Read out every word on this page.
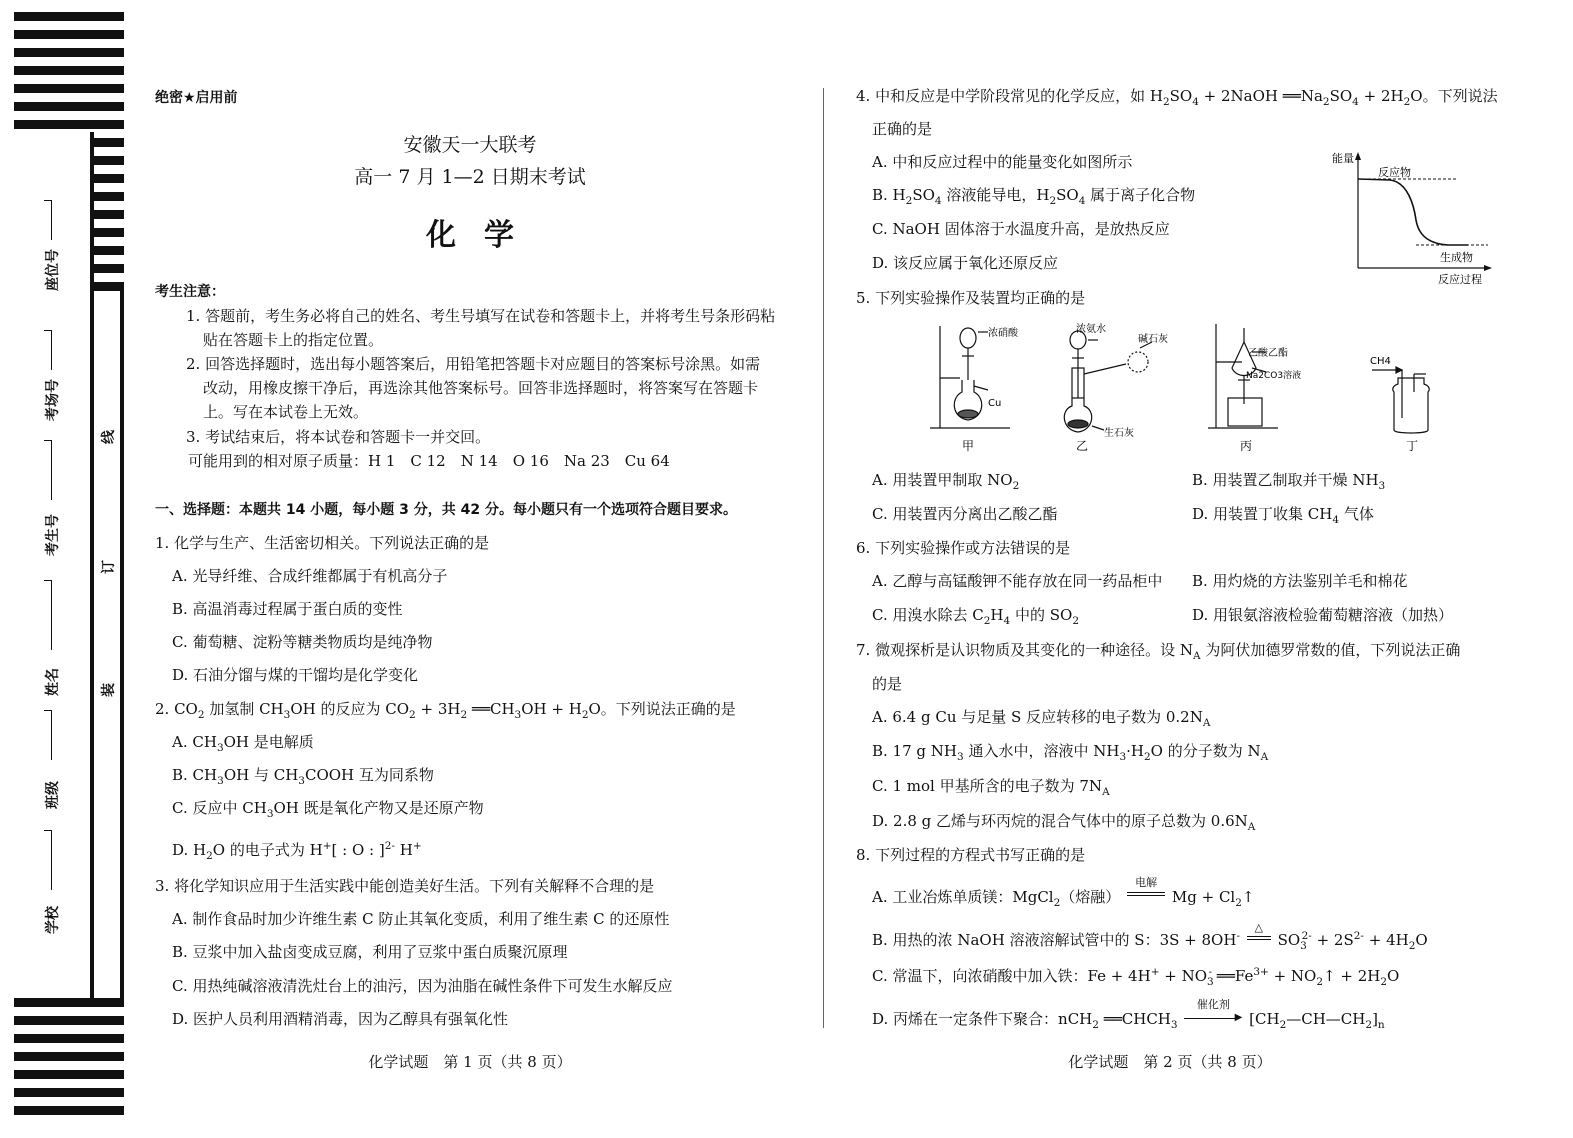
座位号
考场号
考生号
姓名
班级
学校
线
订
装
绝密★启用前
安徽天一大联考
高一 7 月 1—2 日期末考试
化学
考生注意：
1. 答题前，考生务必将自己的姓名、考生号填写在试卷和答题卡上，并将考生号条形码粘
贴在答题卡上的指定位置。
2. 回答选择题时，选出每小题答案后，用铅笔把答题卡对应题目的答案标号涂黑。如需
改动，用橡皮擦干净后，再选涂其他答案标号。回答非选择题时，将答案写在答题卡
上。写在本试卷上无效。
3. 考试结束后，将本试卷和答题卡一并交回。
可能用到的相对原子质量：H 1　C 12　N 14　O 16　Na 23　Cu 64
一、选择题：本题共 14 小题，每小题 3 分，共 42 分。每小题只有一个选项符合题目要求。
1. 化学与生产、生活密切相关。下列说法正确的是
A. 光导纤维、合成纤维都属于有机高分子
B. 高温消毒过程属于蛋白质的变性
C. 葡萄糖、淀粉等糖类物质均是纯净物
D. 石油分馏与煤的干馏均是化学变化
2. $CO_2$ 加氢制 $CH_3OH$ 的反应为 $CO_2 + 3H_2$ $══CH_3OH + H_2O$。下列说法正确的是
A. $CH_3OH$ 是电解质
B. $CH_3OH$ 与 $CH_3COOH$ 互为同系物
C. 反应中 $CH_3OH$ 既是氧化产物又是还原产物
D. $H_2O$ 的电子式为 H+[ : O : ]$^{2-}$ H+
3. 将化学知识应用于生活实践中能创造美好生活。下列有关解释不合理的是
A. 制作食品时加少许维生素 C 防止其氧化变质，利用了维生素 C 的还原性
B. 豆浆中加入盐卤变成豆腐，利用了豆浆中蛋白质聚沉原理
C. 用热纯碱溶液清洗灶台上的油污，因为油脂在碱性条件下可发生水解反应
D. 医护人员利用酒精消毒，因为乙醇具有强氧化性
化学试题　第 1 页（共 8 页）
4. 中和反应是中学阶段常见的化学反应，如 $H_2SO_4$ + 2NaOH $══Na_2SO_4 + 2H_2O$。下列说法
正确的是
A. 中和反应过程中的能量变化如图所示
B. $H_2SO_4$ 溶液能导电，$H_2SO_4$ 属于离子化合物
C. NaOH 固体溶于水温度升高，是放热反应
D. 该反应属于氧化还原反应
能量
反应物
生成物
反应过程
5. 下列实验操作及装置均正确的是
浓硝酸
Cu
甲
浓氨水
碱石灰
生石灰
乙
乙酸乙酯
Na2CO3溶液
丙
CH4
丁
A. 用装置甲制取 $NO_2$	B. 用装置乙制取并干燥 $NH_3$
C. 用装置丙分离出乙酸乙酯	D. 用装置丁收集 $CH_4$ 气体
6. 下列实验操作或方法错误的是
A. 乙醇与高锰酸钾不能存放在同一药品柜中 B. 用灼烧的方法鉴别羊毛和棉花
C. 用溴水除去 $C_2H_4$ 中的 $SO_2$	D. 用银氨溶液检验葡萄糖溶液（加热）
7. 微观探析是认识物质及其变化的一种途径。设 $N_A$ 为阿伏加德罗常数的值，下列说法正确
的是
A. 6.4 g Cu 与足量 S 反应转移的电子数为 $0.2N_A$
B. 17 g $NH_3$ 通入水中，溶液中 $NH_3\cdot H_2O$ 的分子数为 $N_A$
C. 1 mol 甲基所含的电子数为 $7N_A$
D. 2.8 g 乙烯与环丙烷的混合气体中的原子总数为 $0.6N_A$
8. 下列过程的方程式书写正确的是
A. 工业冶炼单质镁：MgCl$_2$（熔融）
电解
$Mg + Cl_2↑$
B. 用热的浓 NaOH 溶液溶解试管中的 S：3S + 8OH-
△
$SO_3^{2-} + 2S^{2-} + 4H_2O$
C. 常温下，向浓硝酸中加入铁：$Fe + 4H^+ + NO_3^-$ $══Fe^{3+}$ + $NO_2↑ + 2H_2O$
D. 丙烯在一定条件下聚合：nCH$_2$ $══CHCH_3$
催化剂
▶ $[CH_2—CH—CH_2]_n$
化学试题　第 2 页（共 8 页）
